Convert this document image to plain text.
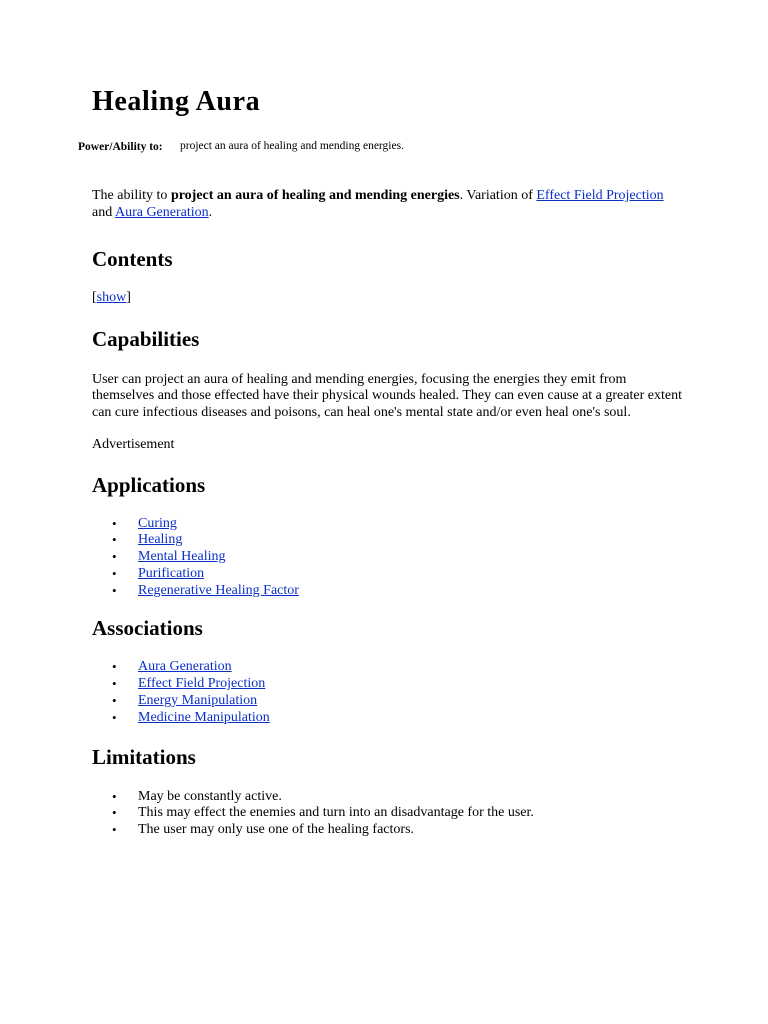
Healing Aura
Power/Ability to: project an aura of healing and mending energies.

The ability to project an aura of healing and mending energies. Variation of Effect Field Projection and Aura Generation.

Contents

[show]

Capabilities

User can project an aura of healing and mending energies, focusing the energies they emit from themselves and those effected have their physical wounds healed. They can even cause at a greater extent can cure infectious diseases and poisons, can heal one's mental state and/or even heal one's soul.

Advertisement

Applications
• Curing
• Healing
• Mental Healing
• Purification
• Regenerative Healing Factor
Associations
• Aura Generation
• Effect Field Projection
• Energy Manipulation
• Medicine Manipulation
Limitations
• May be constantly active.
• This may effect the enemies and turn into an disadvantage for the user.
• The user may only use one of the healing factors.
